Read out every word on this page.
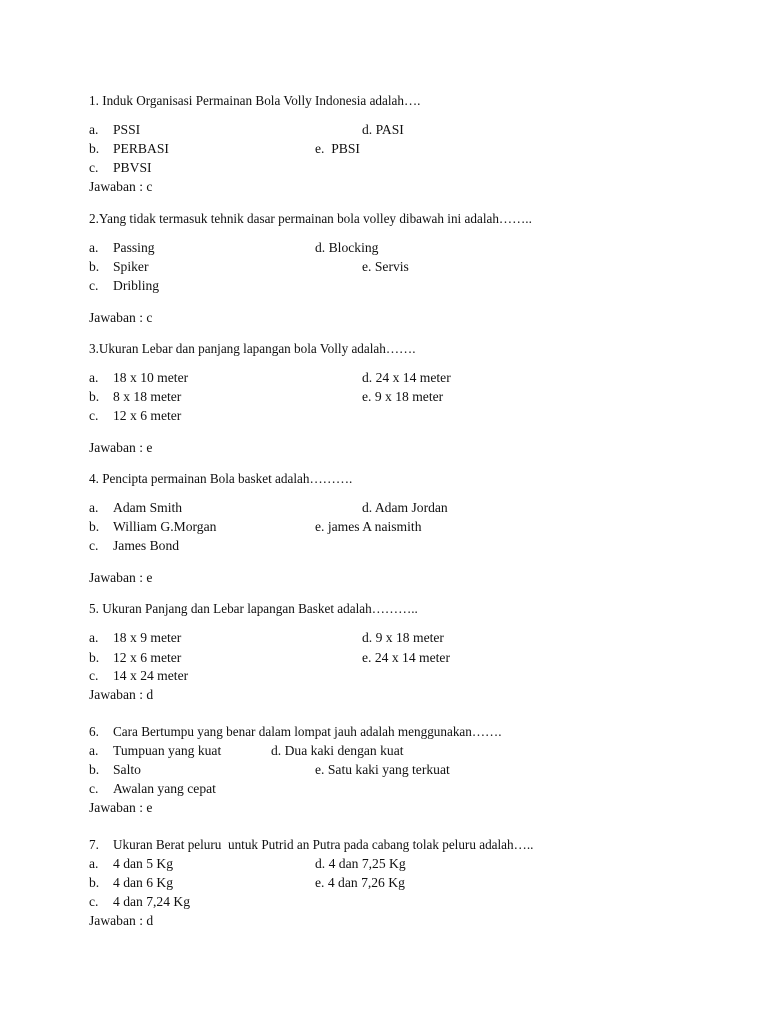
1. Induk Organisasi Permainan Bola Volly Indonesia adalah….
a. PSSI	d. PASI
b. PERBASI	e. PBSI
c. PBVSI
Jawaban : c
2.Yang tidak termasuk tehnik dasar permainan bola volley dibawah ini adalah……..
a. Passing	d. Blocking
b. Spiker	e. Servis
c. Dribling
Jawaban : c
3.Ukuran Lebar dan panjang lapangan bola Volly adalah…….
a. 18 x 10 meter	d. 24 x 14 meter
b. 8 x 18 meter	e. 9 x 18 meter
c. 12 x 6 meter
Jawaban : e
4. Pencipta permainan Bola basket adalah……….
a. Adam Smith	d. Adam Jordan
b. William G.Morgan	e. james A naismith
c. James Bond
Jawaban : e
5. Ukuran Panjang dan Lebar lapangan Basket adalah………..
a. 18 x 9 meter	d. 9 x 18 meter
b. 12 x 6 meter	e. 24 x 14 meter
c. 14 x 24 meter
Jawaban : d
6. Cara Bertumpu yang benar dalam lompat jauh adalah menggunakan…….
a. Tumpuan yang kuat	d. Dua kaki dengan kuat
b. Salto	e. Satu kaki yang terkuat
c. Awalan yang cepat
Jawaban : e
7. Ukuran Berat peluru  untuk Putrid an Putra pada cabang tolak peluru adalah…..
a. 4 dan 5 Kg	d. 4 dan 7,25 Kg
b. 4 dan 6 Kg	e. 4 dan 7,26 Kg
c. 4 dan 7,24 Kg
Jawaban : d
